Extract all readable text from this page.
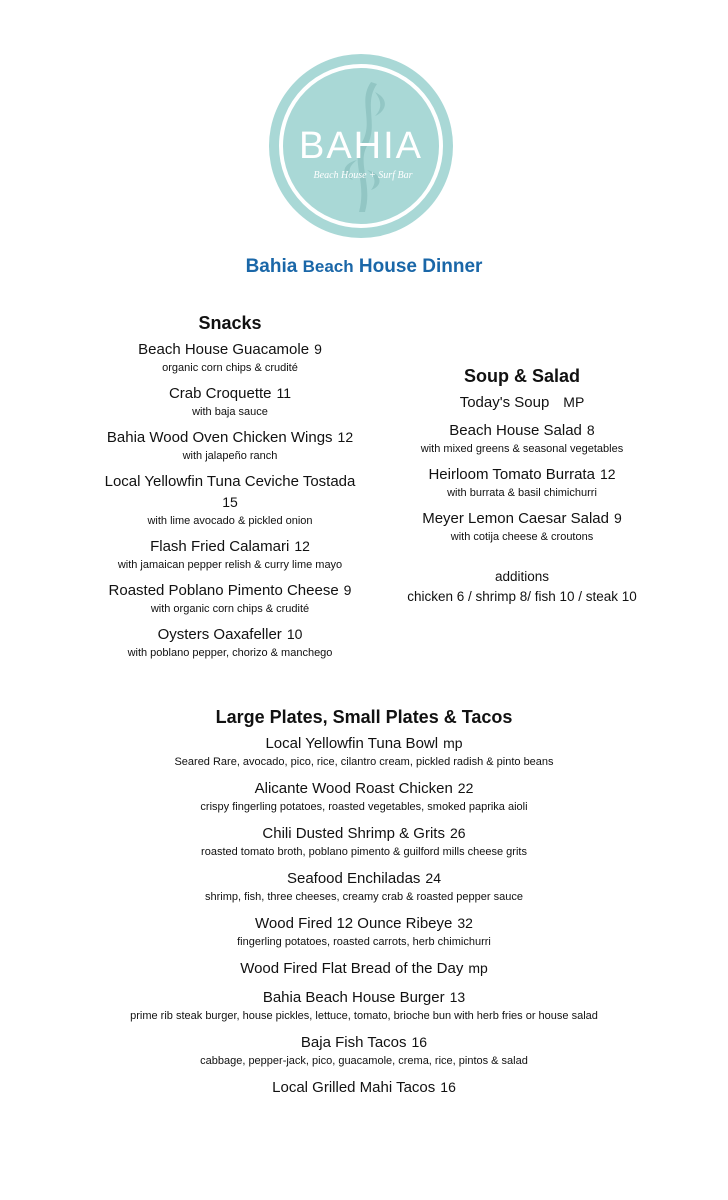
BAHIA
Beach House + Surf Bar
Bahia Beach House Dinner
Snacks
Beach House Guacamole 9
organic corn chips & crudité
Crab Croquette 11
with baja sauce
Bahia Wood Oven Chicken Wings 12
with jalapeño ranch
Local Yellowfin Tuna Ceviche Tostada
15
with lime avocado & pickled onion
Flash Fried Calamari 12
with jamaican pepper relish & curry lime mayo
Roasted Poblano Pimento Cheese 9
with organic corn chips & crudité
Oysters Oaxafeller 10
with poblano pepper, chorizo & manchego
Soup & Salad
Today's Soup MP
Beach House Salad 8
with mixed greens & seasonal vegetables
Heirloom Tomato Burrata 12
with burrata & basil chimichurri
Meyer Lemon Caesar Salad 9
with cotija cheese & croutons
additions
chicken 6 / shrimp 8/ fish 10 / steak 10
Large Plates, Small Plates & Tacos
Local Yellowfin Tuna Bowl mp
Seared Rare, avocado, pico, rice, cilantro cream, pickled radish & pinto beans
Alicante Wood Roast Chicken 22
crispy fingerling potatoes, roasted vegetables, smoked paprika aioli
Chili Dusted Shrimp & Grits 26
roasted tomato broth, poblano pimento & guilford mills cheese grits
Seafood Enchiladas 24
shrimp, fish, three cheeses, creamy crab & roasted pepper sauce
Wood Fired 12 Ounce Ribeye 32
fingerling potatoes, roasted carrots, herb chimichurri
Wood Fired Flat Bread of the Day mp
Bahia Beach House Burger 13
prime rib steak burger, house pickles, lettuce, tomato, brioche bun with herb fries or house salad
Baja Fish Tacos 16
cabbage, pepper-jack, pico, guacamole, crema, rice, pintos & salad
Local Grilled Mahi Tacos 16
